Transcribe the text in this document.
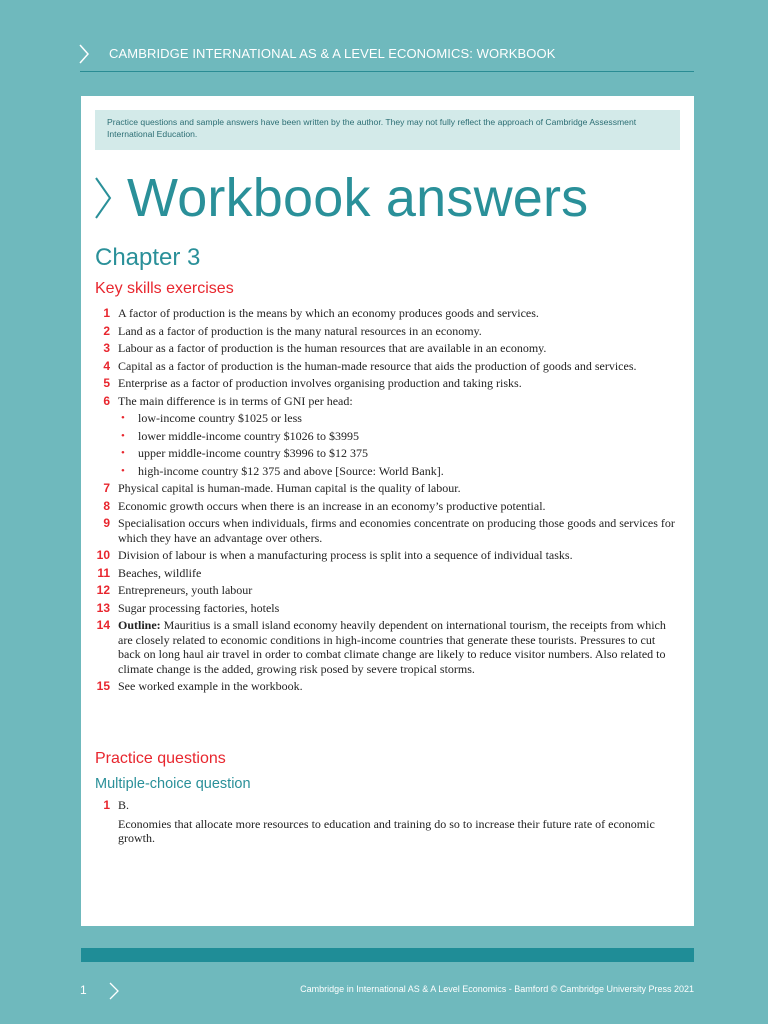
CAMBRIDGE INTERNATIONAL AS & A LEVEL ECONOMICS: WORKBOOK
Practice questions and sample answers have been written by the author. They may not fully reflect the approach of Cambridge Assessment International Education.
Workbook answers
Chapter 3
Key skills exercises
1 A factor of production is the means by which an economy produces goods and services.
2 Land as a factor of production is the many natural resources in an economy.
3 Labour as a factor of production is the human resources that are available in an economy.
4 Capital as a factor of production is the human-made resource that aids the production of goods and services.
5 Enterprise as a factor of production involves organising production and taking risks.
6 The main difference is in terms of GNI per head:
•	low-income country $1025 or less
•	lower middle-income country $1026 to $3995
•	upper middle-income country $3996 to $12 375
•	high-income country $12 375 and above [Source: World Bank].
7 Physical capital is human-made. Human capital is the quality of labour.
8 Economic growth occurs when there is an increase in an economy’s productive potential.
9 Specialisation occurs when individuals, firms and economies concentrate on producing those goods and services for which they have an advantage over others.
10 Division of labour is when a manufacturing process is split into a sequence of individual tasks.
11 Beaches, wildlife
12 Entrepreneurs, youth labour
13 Sugar processing factories, hotels
14 Outline: Mauritius is a small island economy heavily dependent on international tourism, the receipts from which are closely related to economic conditions in high-income countries that generate these tourists. Pressures to cut back on long haul air travel in order to combat climate change are likely to reduce visitor numbers. Also related to climate change is the added, growing risk posed by severe tropical storms.
15 See worked example in the workbook.
Practice questions
Multiple-choice question
1 B.
Economies that allocate more resources to education and training do so to increase their future rate of economic growth.
1	Cambridge in International AS & A Level Economics - Bamford © Cambridge University Press 2021
